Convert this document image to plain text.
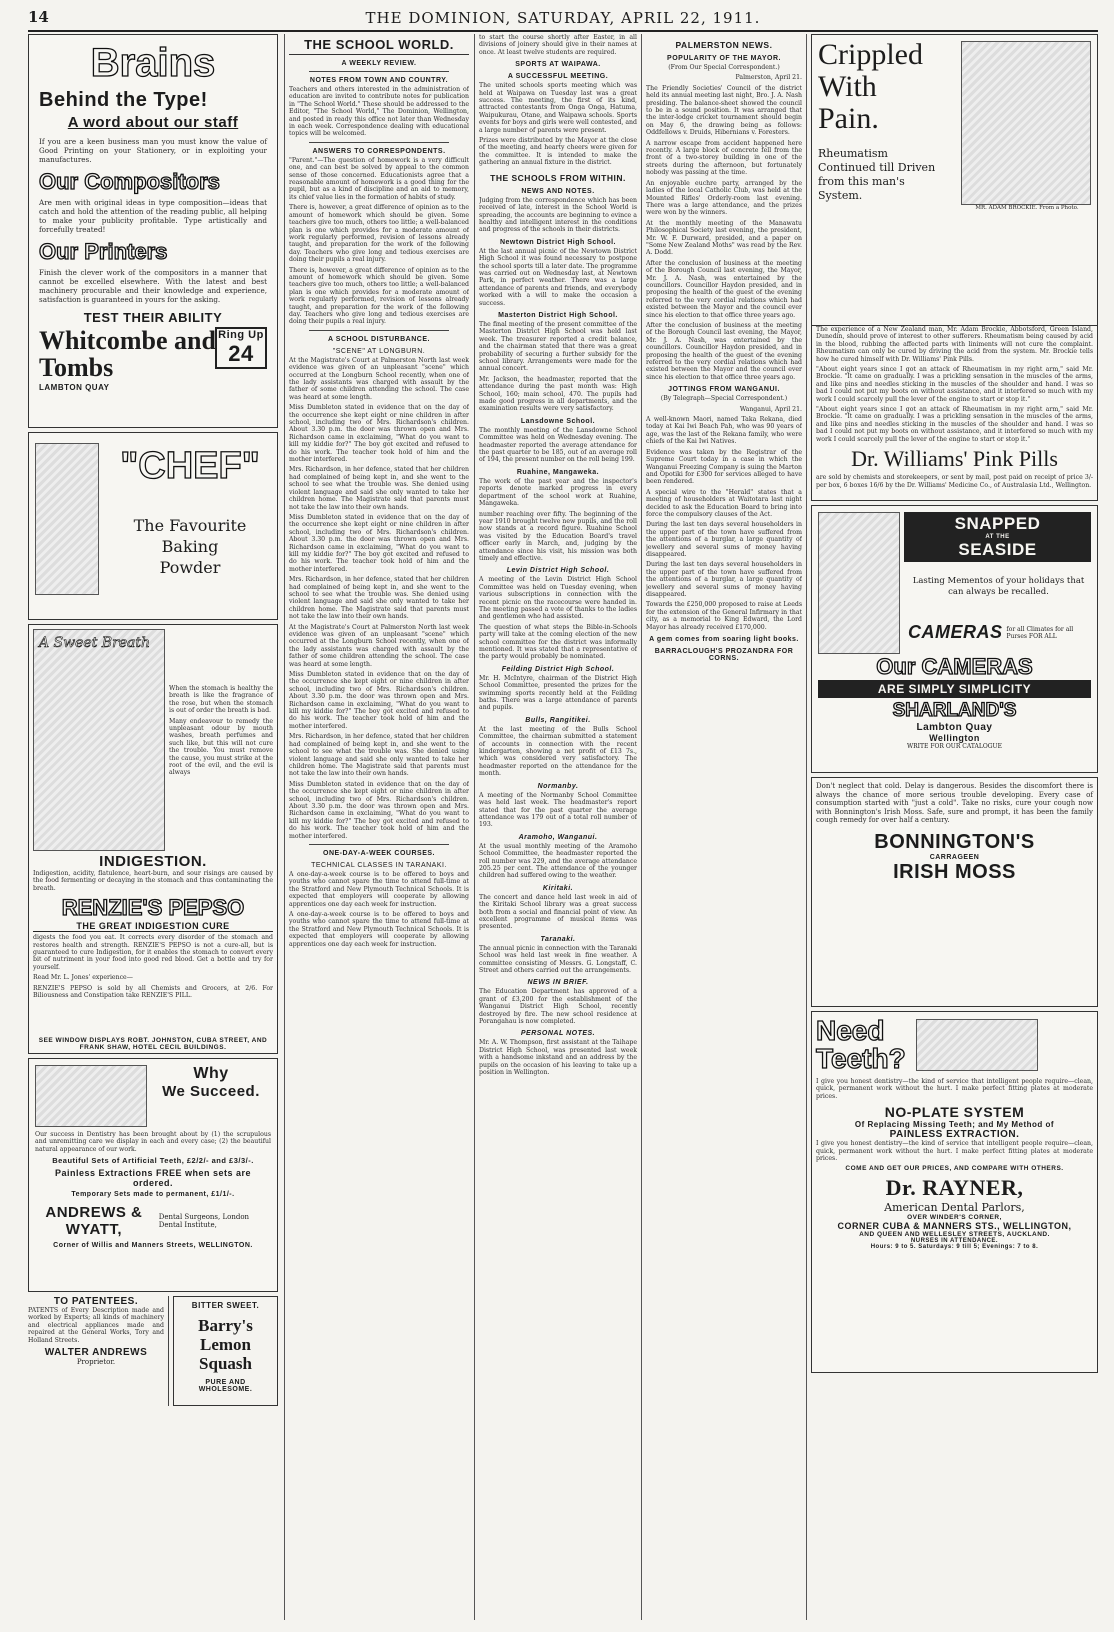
14	THE DOMINION, SATURDAY, APRIL 22, 1911.
Brains
Behind the Type!
A word about our staff

If you are a keen business man you must know the value of Good Printing on your Stationery, or in exploiting your manufactures.

Our Compositors

Are men with original ideas in type composition—ideas that catch and hold the attention of the reading public, all helping to make your publicity profitable. Type artistically and forcefully treated!

Our Printers

Finish the clever work of the compositors in a manner that cannot be excelled elsewhere. With the latest and best machinery procurable and their knowledge and experience, satisfaction is guaranteed in yours for the asking.

TEST THEIR ABILITY
Whitcombe and Tombs
Ring Up
24
LAMBTON QUAY
"CHEF"
The Favourite
Baking
Powder
A Sweet Breath

When the stomach is healthy the breath is like the fragrance of the rose, but when the stomach is out of order the breath is bad.

Many endeavour to remedy the unpleasant odour by mouth washes, breath perfumes and such like, but this will not cure the trouble. You must remove the cause, you must strike at the root of the evil, and the evil is always

INDIGESTION.

Indigestion, acidity, flatulence, heart-burn, and sour risings are caused by the food fermenting or decaying in the stomach and thus contaminating the breath.

RENZIE'S PEPSO
THE GREAT INDIGESTION CURE

digests the food you eat. It corrects every disorder of the stomach and restores health and strength. RENZIE'S PEPSO is not a cure-all, but is guaranteed to cure Indigestion, for it enables the stomach to convert every bit of nutriment in your food into good red blood. Get a bottle and try for yourself.

Read Mr. L. Jones' experience—

RENZIE'S PEPSO is sold by all Chemists and Grocers, at 2/6. For Biliousness and Constipation take RENZIE'S PILL.

SEE WINDOW DISPLAYS ROBT. JOHNSTON, CUBA STREET, AND FRANK SHAW, HOTEL CECIL BUILDINGS.
Why
We Succeed.

Our success in Dentistry has been brought about by (1) the scrupulous and unremitting care we display in each and every case; (2) the beautiful natural appearance of our work.

Beautiful Sets of Artificial Teeth, £2/2/- and £3/3/-.
Painless Extractions FREE when sets are ordered.
Temporary Sets made to permanent, £1/1/-.
ANDREWS & WYATT,
Dental Surgeons, London Dental Institute,
Corner of Willis and Manners Streets, WELLINGTON.
TO PATENTEES.

PATENTS of Every Description made and worked by Experts; all kinds of machinery and electrical appliances made and repaired at the General Works, Tory and Holland Streets.

WALTER ANDREWS
Proprietor.
BITTER SWEET.
Barry's Lemon Squash
PURE AND WHOLESOME.
THE SCHOOL WORLD.
A WEEKLY REVIEW.
NOTES FROM TOWN AND COUNTRY.

Teachers and others interested in the administration of education are invited to contribute notes for publication in "The School World." These should be addressed to the Editor, "The School World," The Dominion, Wellington, and posted in ready this office not later than Wednesday in each week. Correspondence dealing with educational topics will be welcomed.

ANSWERS TO CORRESPONDENTS.

"Parent."—The question of homework is a very difficult one, and can best be solved by appeal to the common sense of those concerned. Educationists agree that a reasonable amount of homework is a good thing for the pupil, but as a kind of discipline and an aid to memory, its chief value lies in the formation of habits of study.

There is, however, a great difference of opinion as to the amount of homework which should be given. Some teachers give too much, others too little; a well-balanced plan is one which provides for a moderate amount of work regularly performed, revision of lessons already taught, and preparation for the work of the following day. Teachers who give long and tedious exercises are doing their pupils a real injury.

There is, however, a great difference of opinion as to the amount of homework which should be given. Some teachers give too much, others too little; a well-balanced plan is one which provides for a moderate amount of work regularly performed, revision of lessons already taught, and preparation for the work of the following day. Teachers who give long and tedious exercises are doing their pupils a real injury.

A SCHOOL DISTURBANCE.
"SCENE" AT LONGBURN.

At the Magistrate's Court at Palmerston North last week evidence was given of an unpleasant "scene" which occurred at the Longburn School recently, when one of the lady assistants was charged with assault by the father of some children attending the school. The case was heard at some length.

Miss Dumbleton stated in evidence that on the day of the occurrence she kept eight or nine children in after school, including two of Mrs. Richardson's children. About 3.30 p.m. the door was thrown open and Mrs. Richardson came in exclaiming, "What do you want to kill my kiddie for?" The boy got excited and refused to do his work. The teacher took hold of him and the mother interfered.

Mrs. Richardson, in her defence, stated that her children had complained of being kept in, and she went to the school to see what the trouble was. She denied using violent language and said she only wanted to take her children home. The Magistrate said that parents must not take the law into their own hands.

Miss Dumbleton stated in evidence that on the day of the occurrence she kept eight or nine children in after school, including two of Mrs. Richardson's children. About 3.30 p.m. the door was thrown open and Mrs. Richardson came in exclaiming, "What do you want to kill my kiddie for?" The boy got excited and refused to do his work. The teacher took hold of him and the mother interfered.

Mrs. Richardson, in her defence, stated that her children had complained of being kept in, and she went to the school to see what the trouble was. She denied using violent language and said she only wanted to take her children home. The Magistrate said that parents must not take the law into their own hands.

At the Magistrate's Court at Palmerston North last week evidence was given of an unpleasant "scene" which occurred at the Longburn School recently, when one of the lady assistants was charged with assault by the father of some children attending the school. The case was heard at some length.

Miss Dumbleton stated in evidence that on the day of the occurrence she kept eight or nine children in after school, including two of Mrs. Richardson's children. About 3.30 p.m. the door was thrown open and Mrs. Richardson came in exclaiming, "What do you want to kill my kiddie for?" The boy got excited and refused to do his work. The teacher took hold of him and the mother interfered.

Mrs. Richardson, in her defence, stated that her children had complained of being kept in, and she went to the school to see what the trouble was. She denied using violent language and said she only wanted to take her children home. The Magistrate said that parents must not take the law into their own hands.

Miss Dumbleton stated in evidence that on the day of the occurrence she kept eight or nine children in after school, including two of Mrs. Richardson's children. About 3.30 p.m. the door was thrown open and Mrs. Richardson came in exclaiming, "What do you want to kill my kiddie for?" The boy got excited and refused to do his work. The teacher took hold of him and the mother interfered.

ONE-DAY-A-WEEK COURSES.
TECHNICAL CLASSES IN TARANAKI.

A one-day-a-week course is to be offered to boys and youths who cannot spare the time to attend full-time at the Stratford and New Plymouth Technical Schools. It is expected that employers will cooperate by allowing apprentices one day each week for instruction.

A one-day-a-week course is to be offered to boys and youths who cannot spare the time to attend full-time at the Stratford and New Plymouth Technical Schools. It is expected that employers will cooperate by allowing apprentices one day each week for instruction.

to start the course shortly after Easter, in all divisions of joinery should give in their names at once. At least twelve students are required.

SPORTS AT WAIPAWA.
A SUCCESSFUL MEETING.

The united schools sports meeting which was held at Waipawa on Tuesday last was a great success. The meeting, the first of its kind, attracted contestants from Onga Onga, Hatuma, Waipukurau, Otane, and Waipawa schools. Sports events for boys and girls were well contested, and a large number of parents were present.

Prizes were distributed by the Mayor at the close of the meeting, and hearty cheers were given for the committee. It is intended to make the gathering an annual fixture in the district.

THE SCHOOLS FROM WITHIN.
NEWS AND NOTES.

Judging from the correspondence which has been received of late, interest in the School World is spreading, the accounts are beginning to evince a healthy and intelligent interest in the conditions and progress of the schools in their districts.

Newtown District High School.

At the last annual picnic of the Newtown District High School it was found necessary to postpone the school sports till a later date. The programme was carried out on Wednesday last, at Newtown Park, in perfect weather. There was a large attendance of parents and friends, and everybody worked with a will to make the occasion a success.

Masterton District High School.

The final meeting of the present committee of the Masterton District High School was held last week. The treasurer reported a credit balance, and the chairman stated that there was a great probability of securing a further subsidy for the school library. Arrangements were made for the annual concert.

Mr. Jackson, the headmaster, reported that the attendance during the past month was: High School, 160; main school, 470. The pupils had made good progress in all departments, and the examination results were very satisfactory.

Lansdowne School.

The monthly meeting of the Lansdowne School Committee was held on Wednesday evening. The headmaster reported the average attendance for the past quarter to be 185, out of an average roll of 194, the present number on the roll being 199.

Ruahine, Mangaweka.

The work of the past year and the inspector's reports denote marked progress in every department of the school work at Ruahine, Mangaweka.

number reaching over fifty. The beginning of the year 1910 brought twelve new pupils, and the roll now stands at a record figure. Ruahine School was visited by the Education Board's travel officer early in March, and, judging by the attendance since his visit, his mission was both timely and effective.

Levin District High School.

A meeting of the Levin District High School Committee was held on Tuesday evening, when various subscriptions in connection with the recent picnic on the racecourse were handed in. The meeting passed a vote of thanks to the ladies and gentlemen who had assisted.

The question of what steps the Bible-in-Schools party will take at the coming election of the new school committee for the district was informally mentioned. It was stated that a representative of the party would probably be nominated.

Feilding District High School.

Mr. H. McIntyre, chairman of the District High School Committee, presented the prizes for the swimming sports recently held at the Feilding baths. There was a large attendance of parents and pupils.

Bulls, Rangitikei.

At the last meeting of the Bulls School Committee, the chairman submitted a statement of accounts in connection with the recent kindergarten, showing a net profit of £13 7s., which was considered very satisfactory. The headmaster reported on the attendance for the month.

Normanby.

A meeting of the Normanby School Committee was held last week. The headmaster's report stated that for the past quarter the average attendance was 179 out of a total roll number of 193.

Aramoho, Wanganui.

At the usual monthly meeting of the Aramoho School Committee, the headmaster reported the roll number was 229, and the average attendance 205.25 per cent. The attendance of the younger children had suffered owing to the weather.

Kiritaki.

The concert and dance held last week in aid of the Kiritaki School library was a great success both from a social and financial point of view. An excellent programme of musical items was presented.

Taranaki.

The annual picnic in connection with the Taranaki School was held last week in fine weather. A committee consisting of Messrs. G. Longstaff, C. Street and others carried out the arrangements.

NEWS IN BRIEF.

The Education Department has approved of a grant of £3,200 for the establishment of the Wanganui District High School, recently destroyed by fire. The new school residence at Porangahau is now completed.

PERSONAL NOTES.

Mr. A. W. Thompson, first assistant at the Taihape District High School, was presented last week with a handsome inkstand and an address by the pupils on the occasion of his leaving to take up a position in Wellington.

PALMERSTON NEWS.
POPULARITY OF THE MAYOR.

(From Our Special Correspondent.)

Palmerston, April 21.

The Friendly Societies' Council of the district held its annual meeting last night, Bro. J. A. Nash presiding. The balance-sheet showed the council to be in a sound position. It was arranged that the inter-lodge cricket tournament should begin on May 6, the drawing being as follows: Oddfellows v. Druids, Hibernians v. Foresters.

A narrow escape from accident happened here recently. A large block of concrete fell from the front of a two-storey building in one of the streets during the afternoon, but fortunately nobody was passing at the time.

An enjoyable euchre party, arranged by the ladies of the local Catholic Club, was held at the Mounted Rifles' Orderly-room last evening. There was a large attendance, and the prizes were won by the winners.

At the monthly meeting of the Manawatu Philosophical Society last evening, the president, Mr. W. F. Durward, presided, and a paper on "Some New Zealand Moths" was read by the Rev. A. Dodd.

After the conclusion of business at the meeting of the Borough Council last evening, the Mayor, Mr. J. A. Nash, was entertained by the councillors. Councillor Haydon presided, and in proposing the health of the guest of the evening referred to the very cordial relations which had existed between the Mayor and the council ever since his election to that office three years ago.

After the conclusion of business at the meeting of the Borough Council last evening, the Mayor, Mr. J. A. Nash, was entertained by the councillors. Councillor Haydon presided, and in proposing the health of the guest of the evening referred to the very cordial relations which had existed between the Mayor and the council ever since his election to that office three years ago.

JOTTINGS FROM WANGANUI.

(By Telegraph—Special Correspondent.)

Wanganui, April 21.

A well-known Maori, named Taka Rekana, died today at Kai Iwi Beach Pah, who was 90 years of age, was the last of the Rekana family, who were chiefs of the Kai Iwi Natives.

Evidence was taken by the Registrar of the Supreme Court today in a case in which the Wanganui Freezing Company is suing the Marton and Opotiki for £300 for services alleged to have been rendered.

A special wire to the "Herald" states that a meeting of householders at Waitotara last night decided to ask the Education Board to bring into force the compulsory clauses of the Act.

During the last ten days several householders in the upper part of the town have suffered from the attentions of a burglar, a large quantity of jewellery and several sums of money having disappeared.

During the last ten days several householders in the upper part of the town have suffered from the attentions of a burglar, a large quantity of jewellery and several sums of money having disappeared.

Towards the £250,000 proposed to raise at Leeds for the extension of the General Infirmary in that city, as a memorial to King Edward, the Lord Mayor has already received £170,000.

A gem comes from soaring light books.
BARRACLOUGH'S PROZANDRA FOR CORNS.
Crippled
With
Pain.
Rheumatism Continued till Driven from this man's System.
MR. ADAM BROCKIE. From a Photo.

The experience of a New Zealand man, Mr. Adam Brockie, Abbotsford, Green Island, Dunedin, should prove of interest to other sufferers. Rheumatism being caused by acid in the blood, rubbing the affected parts with liniments will not cure the complaint. Rheumatism can only be cured by driving the acid from the system. Mr. Brockie tells how he cured himself with Dr. Williams' Pink Pills.

"About eight years since I got an attack of Rheumatism in my right arm," said Mr. Brockie. "It came on gradually. I was a prickling sensation in the muscles of the arms, and like pins and needles sticking in the muscles of the shoulder and hand. I was so bad I could not put my boots on without assistance, and it interfered so much with my work I could scarcely pull the lever of the engine to start or stop it."

"About eight years since I got an attack of Rheumatism in my right arm," said Mr. Brockie. "It came on gradually. I was a prickling sensation in the muscles of the arms, and like pins and needles sticking in the muscles of the shoulder and hand. I was so bad I could not put my boots on without assistance, and it interfered so much with my work I could scarcely pull the lever of the engine to start or stop it."

Dr. Williams' Pink Pills

are sold by chemists and storekeepers, or sent by mail, post paid on receipt of price 3/- per box, 6 boxes 16/6 by the Dr. Williams' Medicine Co., of Australasia Ltd., Wellington.

SNAPPED
AT THE
SEASIDE
Lasting Mementos of your holidays that can always be recalled.
CAMERAS for all Climates for all Purses FOR ALL
Our CAMERAS
ARE SIMPLY SIMPLICITY
SHARLAND'S
Lambton Quay
Wellington
WRITE FOR OUR CATALOGUE

Don't neglect that cold. Delay is dangerous. Besides the discomfort there is always the chance of more serious trouble developing. Every case of consumption started with "just a cold". Take no risks, cure your cough now with Bonnington's Irish Moss. Safe, sure and prompt, it has been the family cough remedy for over half a century.

BONNINGTON'S
CARRAGEEN
IRISH MOSS
Need
Teeth?

I give you honest dentistry—the kind of service that intelligent people require—clean, quick, permanent work without the hurt. I make perfect fitting plates at moderate prices.

NO-PLATE SYSTEM
Of Replacing Missing Teeth; and My Method of
PAINLESS EXTRACTION.

I give you honest dentistry—the kind of service that intelligent people require—clean, quick, permanent work without the hurt. I make perfect fitting plates at moderate prices.

COME AND GET OUR PRICES, AND COMPARE WITH OTHERS.
Dr. RAYNER,
American Dental Parlors,
OVER WINDER'S CORNER,
CORNER CUBA & MANNERS STS., WELLINGTON,
AND QUEEN AND WELLESLEY STREETS, AUCKLAND.
NURSES IN ATTENDANCE.
Hours: 9 to 5. Saturdays: 9 till 5; Evenings: 7 to 8.
